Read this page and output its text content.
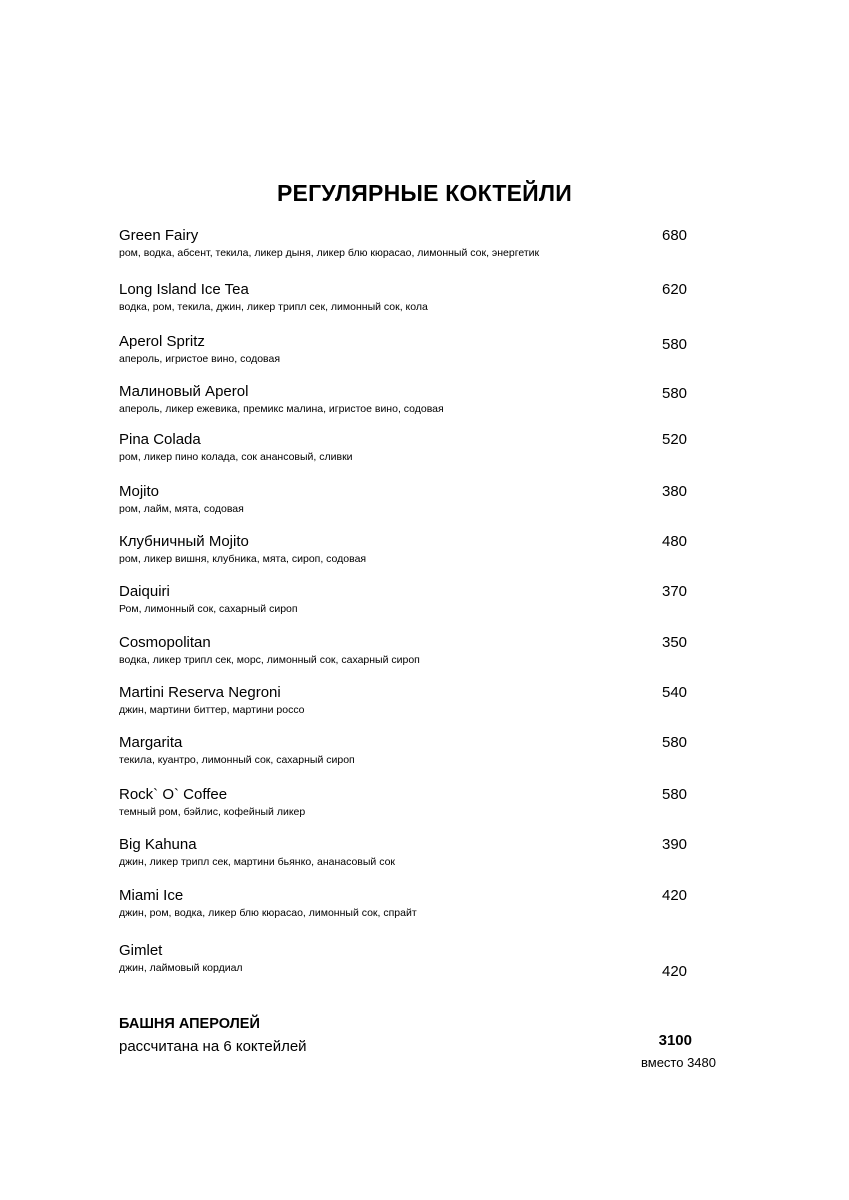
РЕГУЛЯРНЫЕ КОКТЕЙЛИ
Green Fairy
ром, водка, абсент, текила, ликер дыня, ликер блю кюрасао, лимонный сок, энергетик
680
Long Island Ice Tea
водка, ром, текила, джин, ликер трипл сек, лимонный сок, кола
620
Aperol Spritz
апероль, игристое вино, содовая
580
Малиновый Aperol
апероль, ликер ежевика, премикс малина, игристое вино, содовая
580
Pina Colada
ром, ликер пино колада, сок анансовый, сливки
520
Mojito
ром, лайм, мята, содовая
380
Клубничный Mojito
ром, ликер вишня, клубника, мята, сироп, содовая
480
Daiquiri
Ром, лимонный сок, сахарный сироп
370
Cosmopolitan
водка, ликер трипл сек, морс, лимонный сок, сахарный сироп
350
Martini Reserva Negroni
джин, мартини биттер, мартини россо
540
Margarita
текила, куантро, лимонный сок, сахарный сироп
580
Rock` O` Coffee
темный ром, бэйлис, кофейный ликер
580
Big Kahuna
джин, ликер трипл сек, мартини бьянко, ананасовый сок
390
Miami Ice
джин, ром, водка, ликер блю кюрасао, лимонный сок, спрайт
420
Gimlet
джин, лаймовый кордиал	420
БАШНЯ АПЕРОЛЕЙ
рассчитана на 6 коктейлей	3100
вместо 3480
